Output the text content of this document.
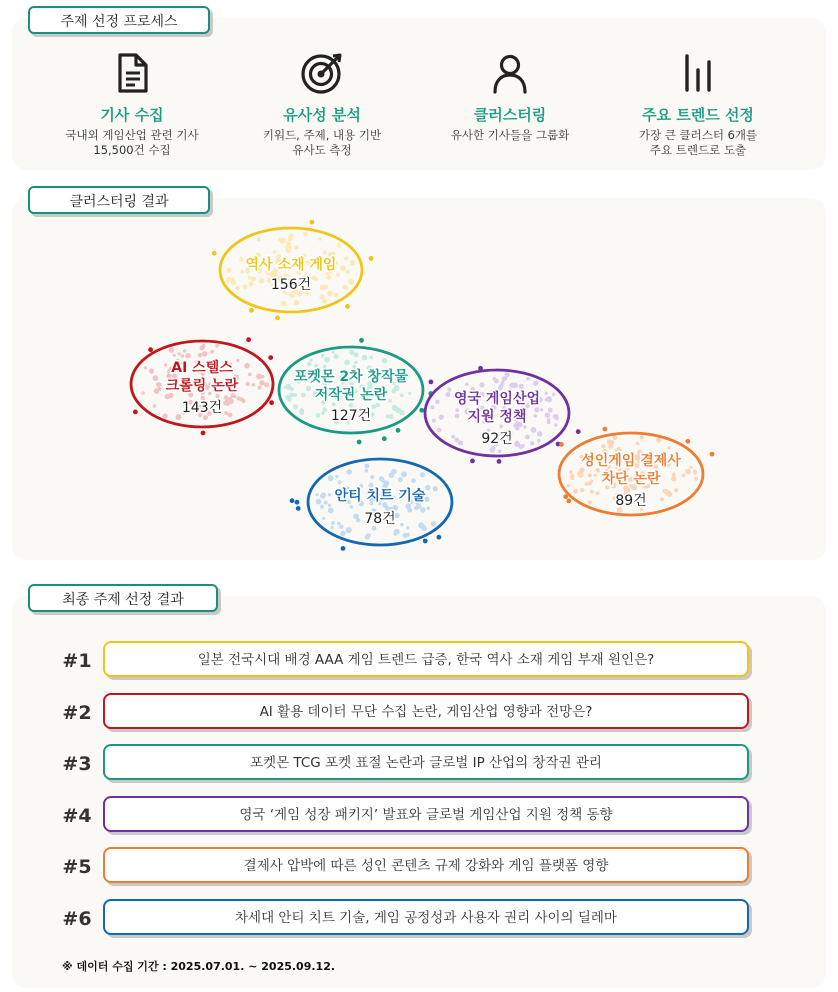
주제 선정 프로세스
클러스터링 결과
최종 주제 선정 결과
기사 수집
국내외 게임산업 관련 기사
15,500건 수집
유사성 분석
키워드, 주제, 내용 기반
유사도 측정
클러스터링
유사한 기사들을 그룹화
주요 트렌드 선정
가장 큰 클러스터 6개를
주요 트렌드로 도출
역사 소재 게임
156건
AI 스텔스
크롤링 논란
143건
포켓몬 2차 창작물
저작권 논란
127건
영국 게임산업
지원 정책
92건
성인게임 결제사
차단 논란
89건
안티 치트 기술
78건
#1	일본 전국시대 배경 AAA 게임 트렌드 급증, 한국 역사 소재 게임 부재 원인은?
#2	AI 활용 데이터 무단 수집 논란, 게임산업 영향과 전망은?
#3	포켓몬 TCG 포켓 표절 논란과 글로벌 IP 산업의 창작권 관리
#4	영국 ‘게임 성장 패키지’ 발표와 글로벌 게임산업 지원 정책 동향
#5	결제사 압박에 따른 성인 콘텐츠 규제 강화와 게임 플랫폼 영향
#6	차세대 안티 치트 기술, 게임 공정성과 사용자 권리 사이의 딜레마
※ 데이터 수집 기간 : 2025.07.01. ~ 2025.09.12.
